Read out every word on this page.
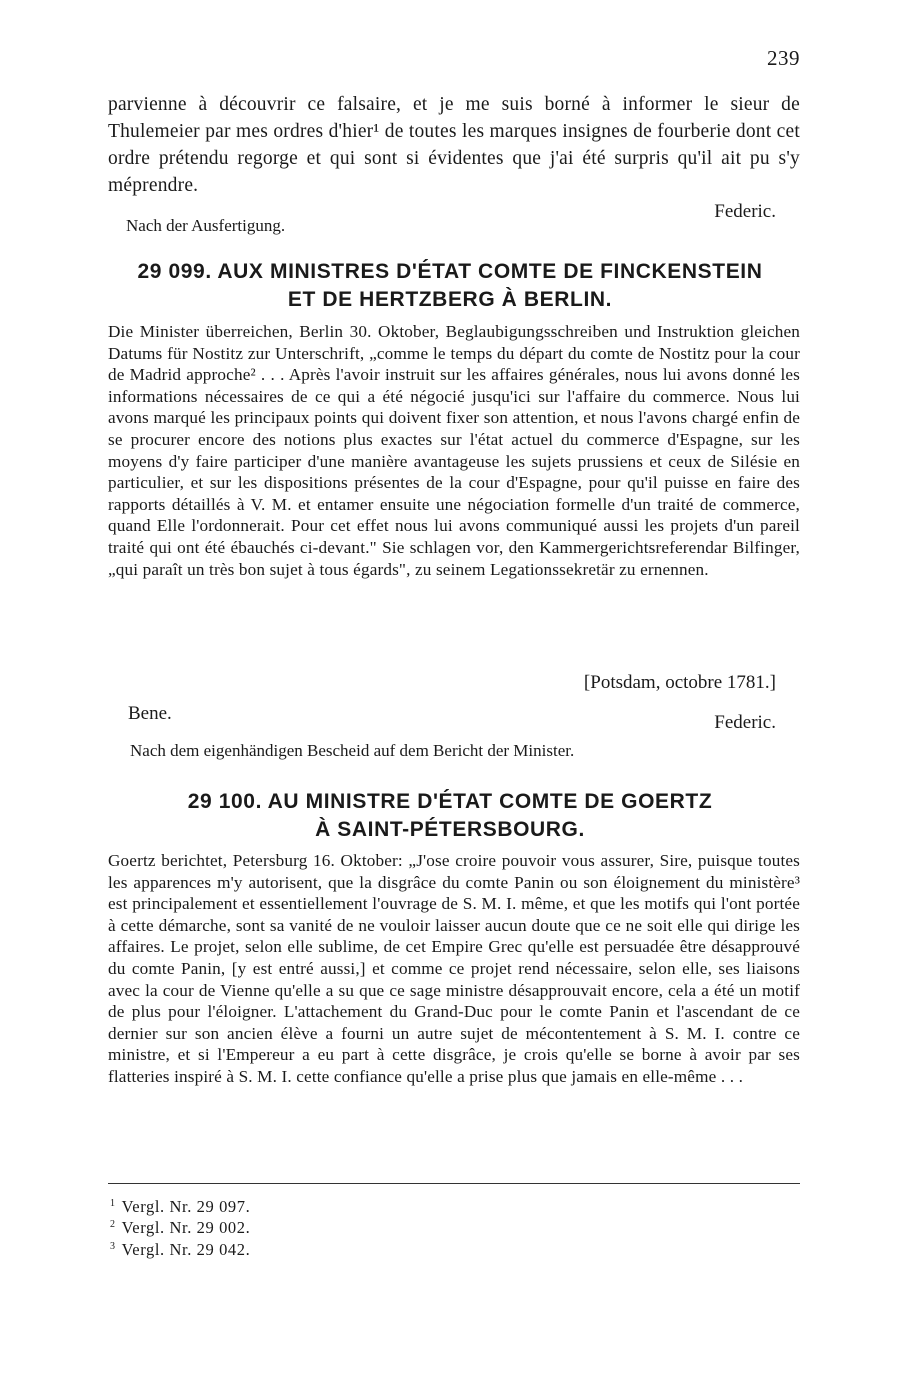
239

parvienne à découvrir ce falsaire, et je me suis borné à informer le sieur de Thulemeier par mes ordres d'hier¹ de toutes les marques insignes de fourberie dont cet ordre prétendu regorge et qui sont si évidentes que j'ai été surpris qu'il ait pu s'y méprendre.

Federic.
Nach der Ausfertigung.
29 099. AUX MINISTRES D'ÉTAT COMTE DE FINCKENSTEIN
ET DE HERTZBERG À BERLIN.

Die Minister überreichen, Berlin 30. Oktober, Beglaubigungsschreiben und Instruktion gleichen Datums für Nostitz zur Unterschrift, „comme le temps du départ du comte de Nostitz pour la cour de Madrid approche² . . . Après l'avoir instruit sur les affaires générales, nous lui avons donné les informations nécessaires de ce qui a été négocié jusqu'ici sur l'affaire du commerce. Nous lui avons marqué les principaux points qui doivent fixer son attention, et nous l'avons chargé enfin de se procurer encore des notions plus exactes sur l'état actuel du commerce d'Espagne, sur les moyens d'y faire participer d'une manière avantageuse les sujets prussiens et ceux de Silésie en particulier, et sur les dispositions présentes de la cour d'Espagne, pour qu'il puisse en faire des rapports détaillés à V. M. et entamer ensuite une négociation formelle d'un traité de commerce, quand Elle l'ordonnerait. Pour cet effet nous lui avons communiqué aussi les projets d'un pareil traité qui ont été ébauchés ci-devant." Sie schlagen vor, den Kammergerichtsreferendar Bilfinger, „qui paraît un très bon sujet à tous égards", zu seinem Legationssekretär zu ernennen.

[Potsdam, octobre 1781.]
Bene.	Federic.
Nach dem eigenhändigen Bescheid auf dem Bericht der Minister.
29 100. AU MINISTRE D'ÉTAT COMTE DE GOERTZ
À SAINT-PÉTERSBOURG.

Goertz berichtet, Petersburg 16. Oktober: „J'ose croire pouvoir vous assurer, Sire, puisque toutes les apparences m'y autorisent, que la disgrâce du comte Panin ou son éloignement du ministère³ est principalement et essentiellement l'ouvrage de S. M. I. même, et que les motifs qui l'ont portée à cette démarche, sont sa vanité de ne vouloir laisser aucun doute que ce ne soit elle qui dirige les affaires. Le projet, selon elle sublime, de cet Empire Grec qu'elle est persuadée être désapprouvé du comte Panin, [y est entré aussi,] et comme ce projet rend nécessaire, selon elle, ses liaisons avec la cour de Vienne qu'elle a su que ce sage ministre désapprouvait encore, cela a été un motif de plus pour l'éloigner. L'attachement du Grand-Duc pour le comte Panin et l'ascendant de ce dernier sur son ancien élève a fourni un autre sujet de mécontentement à S. M. I. contre ce ministre, et si l'Empereur a eu part à cette disgrâce, je crois qu'elle se borne à avoir par ses flatteries inspiré à S. M. I. cette confiance qu'elle a prise plus que jamais en elle-même . . .

$^1$ Vergl. Nr. 29 097.
$^2$ Vergl. Nr. 29 002.
$^3$ Vergl. Nr. 29 042.
